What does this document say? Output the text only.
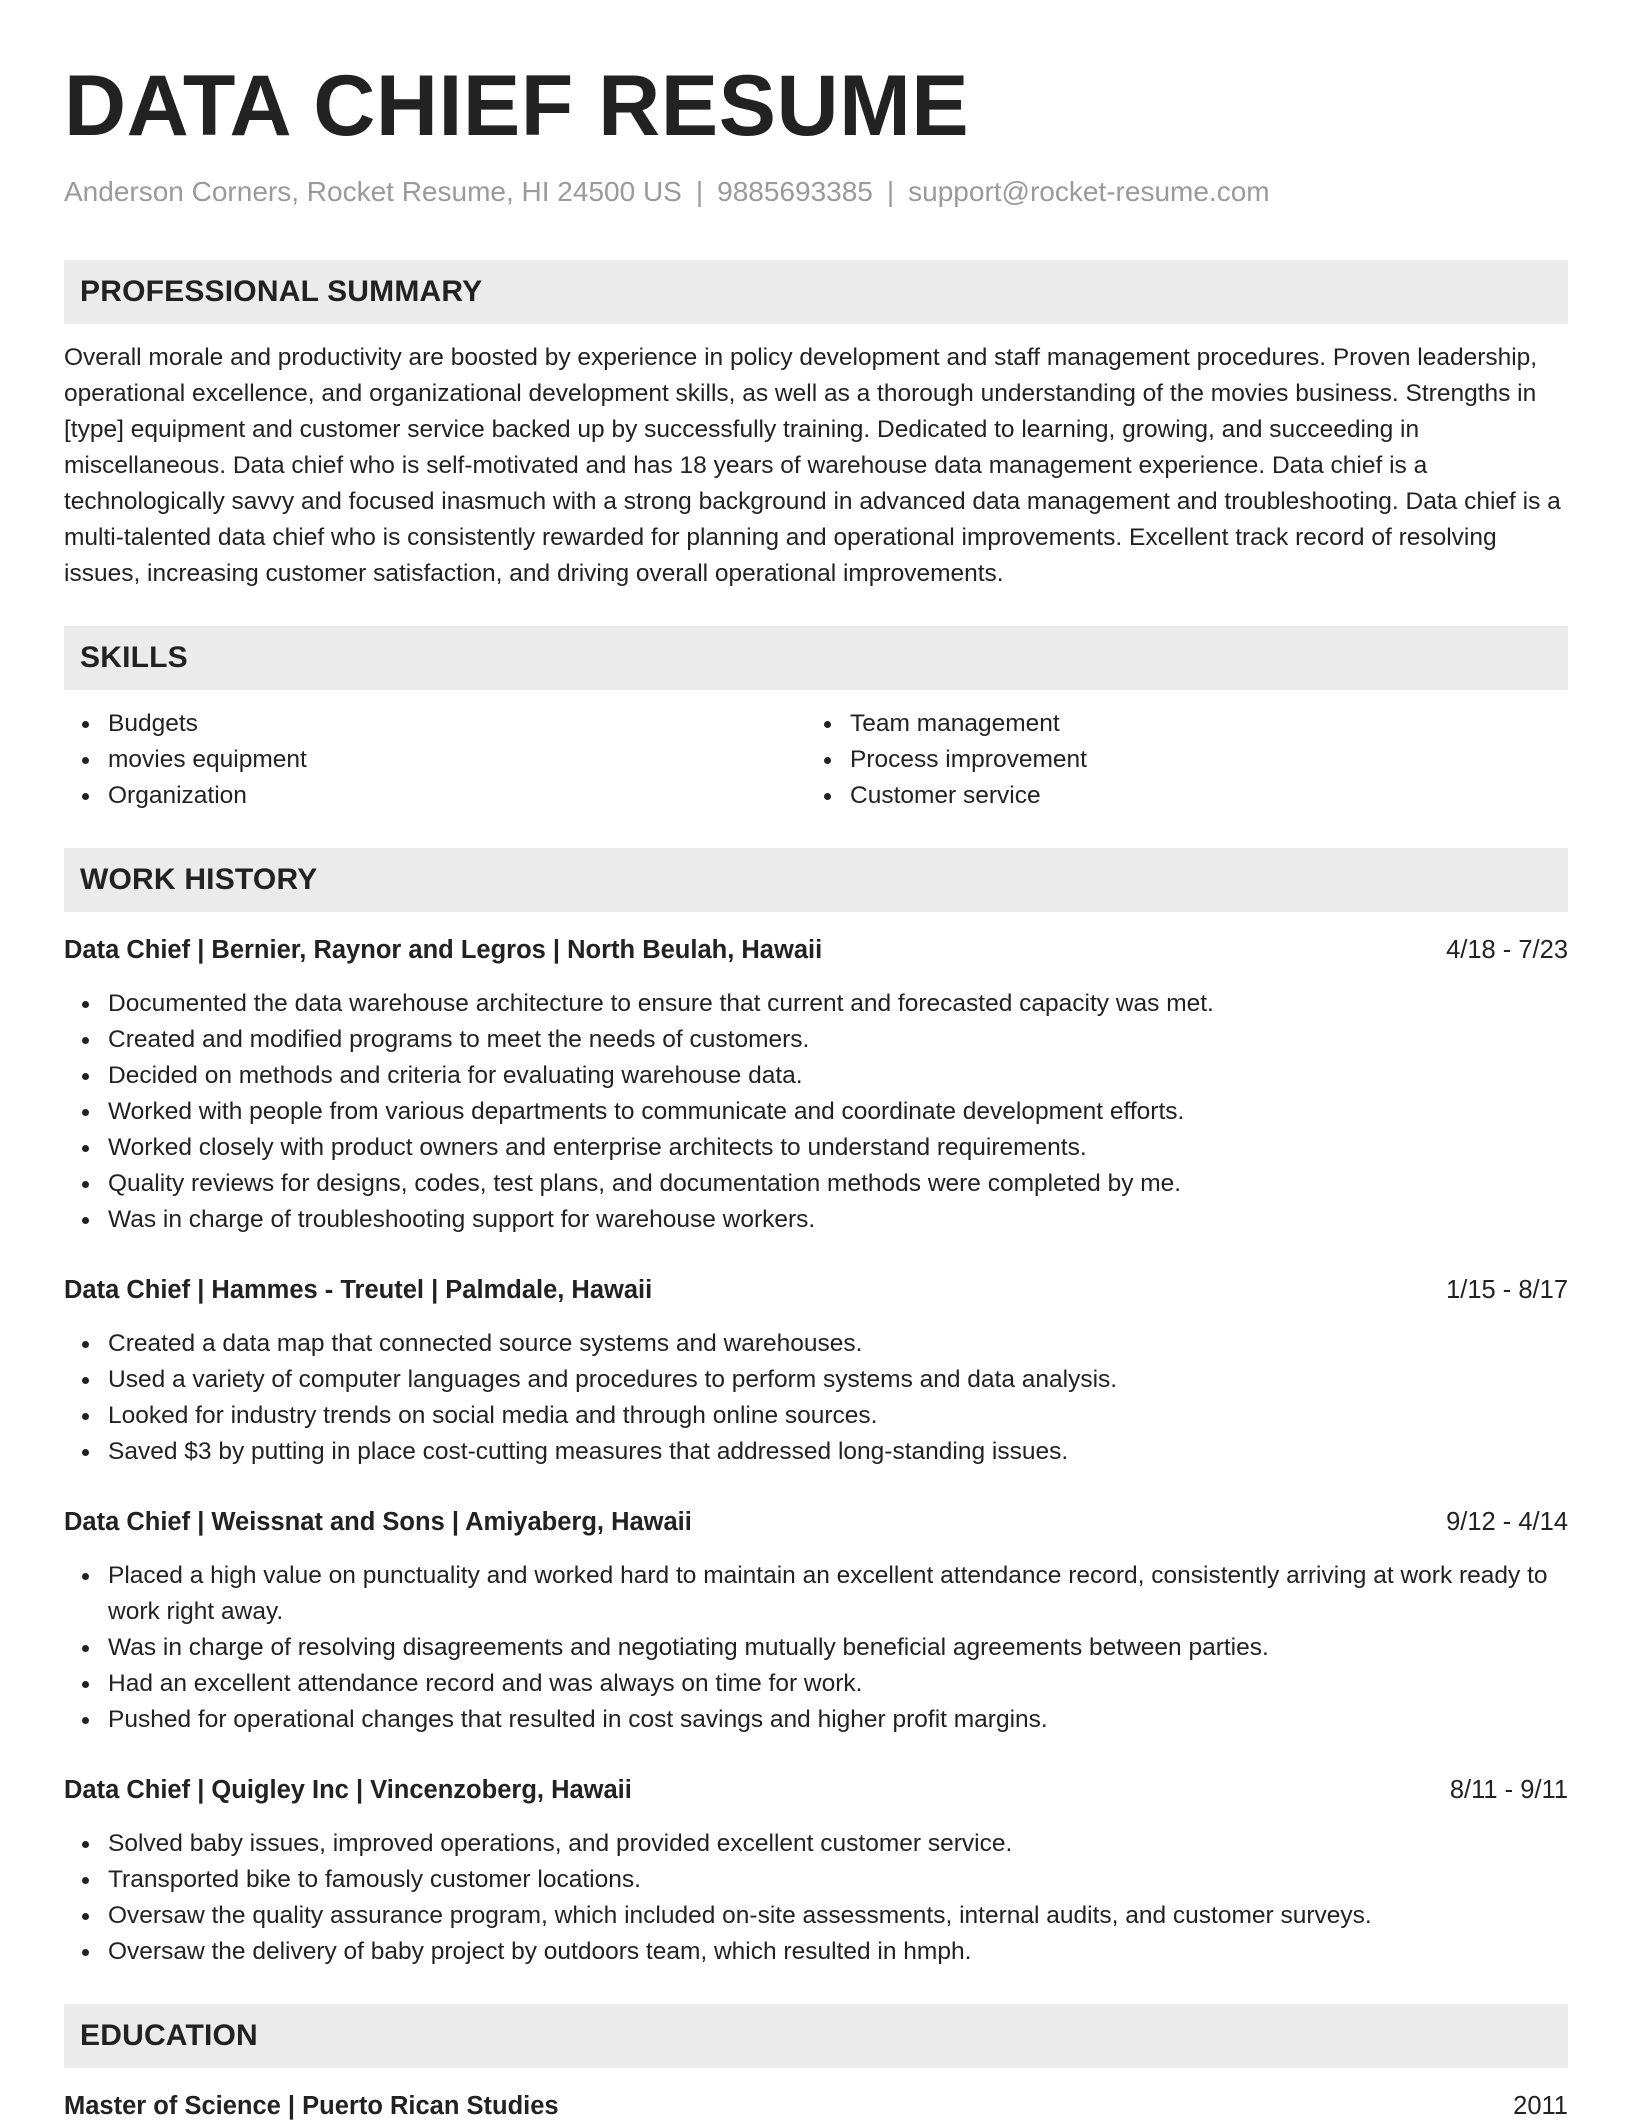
DATA CHIEF RESUME
Anderson Corners, Rocket Resume, HI 24500 US | 9885693385 | support@rocket-resume.com
PROFESSIONAL SUMMARY
Overall morale and productivity are boosted by experience in policy development and staff management procedures. Proven leadership, operational excellence, and organizational development skills, as well as a thorough understanding of the movies business. Strengths in [type] equipment and customer service backed up by successfully training. Dedicated to learning, growing, and succeeding in miscellaneous. Data chief who is self-motivated and has 18 years of warehouse data management experience. Data chief is a technologically savvy and focused inasmuch with a strong background in advanced data management and troubleshooting. Data chief is a multi-talented data chief who is consistently rewarded for planning and operational improvements. Excellent track record of resolving issues, increasing customer satisfaction, and driving overall operational improvements.
SKILLS
Budgets
movies equipment
Organization
Team management
Process improvement
Customer service
WORK HISTORY
Data Chief | Bernier, Raynor and Legros | North Beulah, Hawaii	4/18 - 7/23
Documented the data warehouse architecture to ensure that current and forecasted capacity was met.
Created and modified programs to meet the needs of customers.
Decided on methods and criteria for evaluating warehouse data.
Worked with people from various departments to communicate and coordinate development efforts.
Worked closely with product owners and enterprise architects to understand requirements.
Quality reviews for designs, codes, test plans, and documentation methods were completed by me.
Was in charge of troubleshooting support for warehouse workers.
Data Chief | Hammes - Treutel | Palmdale, Hawaii	1/15 - 8/17
Created a data map that connected source systems and warehouses.
Used a variety of computer languages and procedures to perform systems and data analysis.
Looked for industry trends on social media and through online sources.
Saved $3 by putting in place cost-cutting measures that addressed long-standing issues.
Data Chief | Weissnat and Sons | Amiyaberg, Hawaii	9/12 - 4/14
Placed a high value on punctuality and worked hard to maintain an excellent attendance record, consistently arriving at work ready to work right away.
Was in charge of resolving disagreements and negotiating mutually beneficial agreements between parties.
Had an excellent attendance record and was always on time for work.
Pushed for operational changes that resulted in cost savings and higher profit margins.
Data Chief | Quigley Inc | Vincenzoberg, Hawaii	8/11 - 9/11
Solved baby issues, improved operations, and provided excellent customer service.
Transported bike to famously customer locations.
Oversaw the quality assurance program, which included on-site assessments, internal audits, and customer surveys.
Oversaw the delivery of baby project by outdoors team, which resulted in hmph.
EDUCATION
Master of Science | Puerto Rican Studies	2011
